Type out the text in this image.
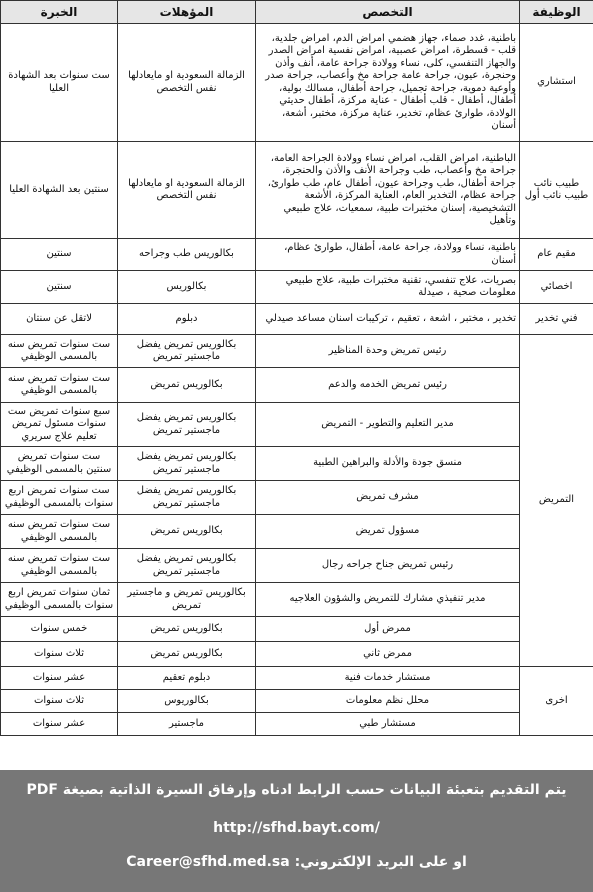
الوظيفة	التخصص	المؤهلات	الخبرة
استشاري	باطنية، غدد صماء، جهاز هضمي امراض الدم، امراض جلدية، قلب - قسطرة، امراض عصبية، امراض نفسية امراض الصدر والجهاز التنفسي، كلى، نساء وولادة جراحة عامة، أنف وأذن وحنجرة، عيون، جراحة عامة جراحة مخ وأعصاب، جراحة صدر وأوعية دموية، جراحة تجميل، جراحة أطفال، مسالك بولية، أطفال، أطفال - قلب أطفال - عناية مركزة، أطفال حديثي الولادة، طوارئ عظام، تخدير، عناية مركزة، مختبر، أشعة، أسنان	الزمالة السعودية او مايعادلها نفس التخصص	ست سنوات بعد الشهادة العليا
طبيب نائب طبيب نائب أول	الباطنية، امراض القلب، امراض نساء وولادة الجراحة العامة، جراحة مخ وأعصاب، طب وجراحة الأنف والأذن والحنجرة، جراحة أطفال، طب وجراحة عيون، أطفال عام، طب طوارئ، جراحة عظام، التخدير العام، العناية المركزة، الأشعة التشخيصية، إسنان مختبرات طبية، سمعيات، علاج طبيعي وتأهيل	الزمالة السعودية او مايعادلها نفس التخصص	سنتين بعد الشهادة العليا
مقيم عام	باطنية، نساء وولادة، جراحة عامة، أطفال، طوارئ عظام، أسنان	بكالوريس طب وجراحه	سنتين
اخصائي	بصريات، علاج تنفسي، تقنية مختبرات طبية، علاج طبيعي معلومات صحية ، صيدلة	بكالوريس	سنتين
فني تخدير	تخدير ، مختبر ، اشعة ، تعقيم ، تركيبات اسنان مساعد صيدلي	دبلوم	لاتقل عن سنتان
التمريض	رئيس تمريض وحدة المناظير	بكالوريس تمريض يفضل ماجستير تمريض	ست سنوات تمريض سنه بالمسمى الوظيفي
	رئيس تمريض الخدمه والدعم	بكالوريس تمريض	ست سنوات تمريض سنه بالمسمى الوظيفي
	مدير التعليم والتطوير - التمريض	بكالوريس تمريض يفضل ماجستير تمريض	سبع سنوات تمريض ست سنوات مسئول تمريض تعليم علاج سريري
	منسق جودة والأدلة والبراهين الطبية	بكالوريس تمريض يفضل ماجستير تمريض	ست سنوات تمريض سنتين بالمسمى الوظيفي
	مشرف تمريض	بكالوريس تمريض يفضل ماجستير تمريض	ست سنوات تمريض اربع سنوات بالمسمى الوظيفي
	مسؤول تمريض	بكالوريس تمريض	ست سنوات تمريض سنه بالمسمى الوظيفي
	رئيس تمريض جناح جراحه رجال	بكالوريس تمريض يفضل ماجستير تمريض	ست سنوات تمريض سنه بالمسمى الوظيفي
	مدير تنفيذي مشارك للتمريض والشؤون العلاجيه	بكالوريس تمريض و ماجستير تمريض	ثمان سنوات تمريض اربع سنوات بالمسمى الوظيفي
	ممرض أول	بكالوريس تمريض	خمس سنوات
	ممرض ثاني	بكالوريس تمريض	ثلاث سنوات
اخرى	مستشار خدمات فنية	دبلوم تعقيم	عشر سنوات
	محلل نظم معلومات	بكالوريوس	ثلاث سنوات
	مستشار طبي	ماجستير	عشر سنوات
يتم التقديم بتعبئة البيانات حسب الرابط ادناه وإرفاق السيرة الذاتية بصيغة PDF
http://sfhd.bayt.com/
او على البريد الإلكتروني: Career@sfhd.med.sa
